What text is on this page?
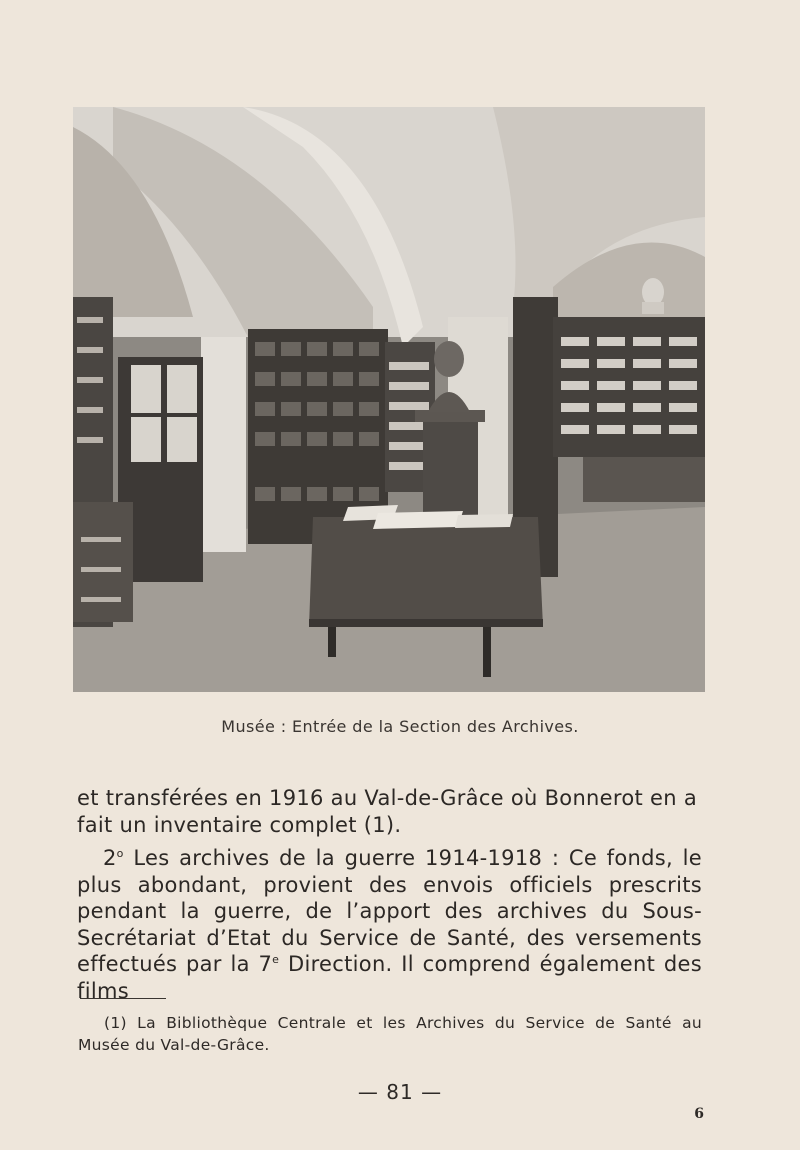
Musée : Entrée de la Section des Archives.
et transférées en 1916 au Val-de-Grâce où Bonnerot en a fait un inventaire complet (1).
2$^o$ Les archives de la guerre 1914-1918 : Ce fonds, le plus abondant, provient des envois officiels prescrits pendant la guerre, de l’apport des archives du Sous-Secrétariat d’Etat du Service de Santé, des versements effectués par la 7e Direction. Il comprend également des films
(1) La Bibliothèque Centrale et les Archives du Service de Santé au Musée du Val-de-Grâce.
— 81 —
6
